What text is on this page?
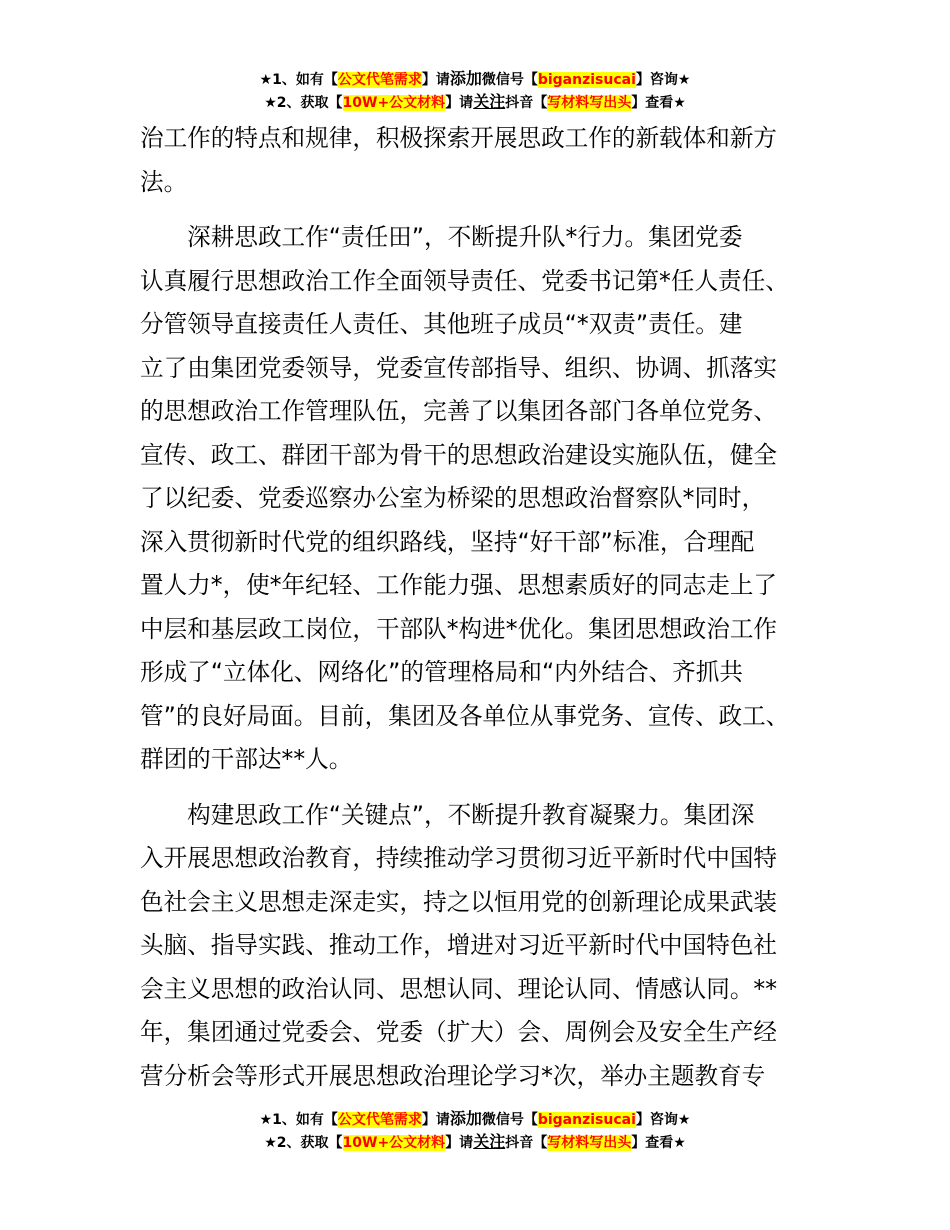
★1、如有【公文代笔需求】请添加微信号【biganzisucai】咨询★
★2、获取【10W+公文材料】请关注抖音【写材料写出头】查看★
治工作的特点和规律，积极探索开展思政工作的新载体和新方
法。
　　深耕思政工作“责任田”，不断提升队*行力。集团党委
认真履行思想政治工作全面领导责任、党委书记第*任人责任、
分管领导直接责任人责任、其他班子成员“*双责”责任。建
立了由集团党委领导，党委宣传部指导、组织、协调、抓落实
的思想政治工作管理队伍，完善了以集团各部门各单位党务、
宣传、政工、群团干部为骨干的思想政治建设实施队伍，健全
了以纪委、党委巡察办公室为桥梁的思想政治督察队*同时，
深入贯彻新时代党的组织路线，坚持“好干部”标准，合理配
置人力*，使*年纪轻、工作能力强、思想素质好的同志走上了
中层和基层政工岗位，干部队*构进*优化。集团思想政治工作
形成了“立体化、网络化”的管理格局和“内外结合、齐抓共
管”的良好局面。目前，集团及各单位从事党务、宣传、政工、
群团的干部达**人。
　　构建思政工作“关键点”，不断提升教育凝聚力。集团深
入开展思想政治教育，持续推动学习贯彻习近平新时代中国特
色社会主义思想走深走实，持之以恒用党的创新理论成果武装
头脑、指导实践、推动工作，增进对习近平新时代中国特色社
会主义思想的政治认同、思想认同、理论认同、情感认同。**
年，集团通过党委会、党委（扩大）会、周例会及安全生产经
营分析会等形式开展思想政治理论学习*次，举办主题教育专
★1、如有【公文代笔需求】请添加微信号【biganzisucai】咨询★
★2、获取【10W+公文材料】请关注抖音【写材料写出头】查看★
